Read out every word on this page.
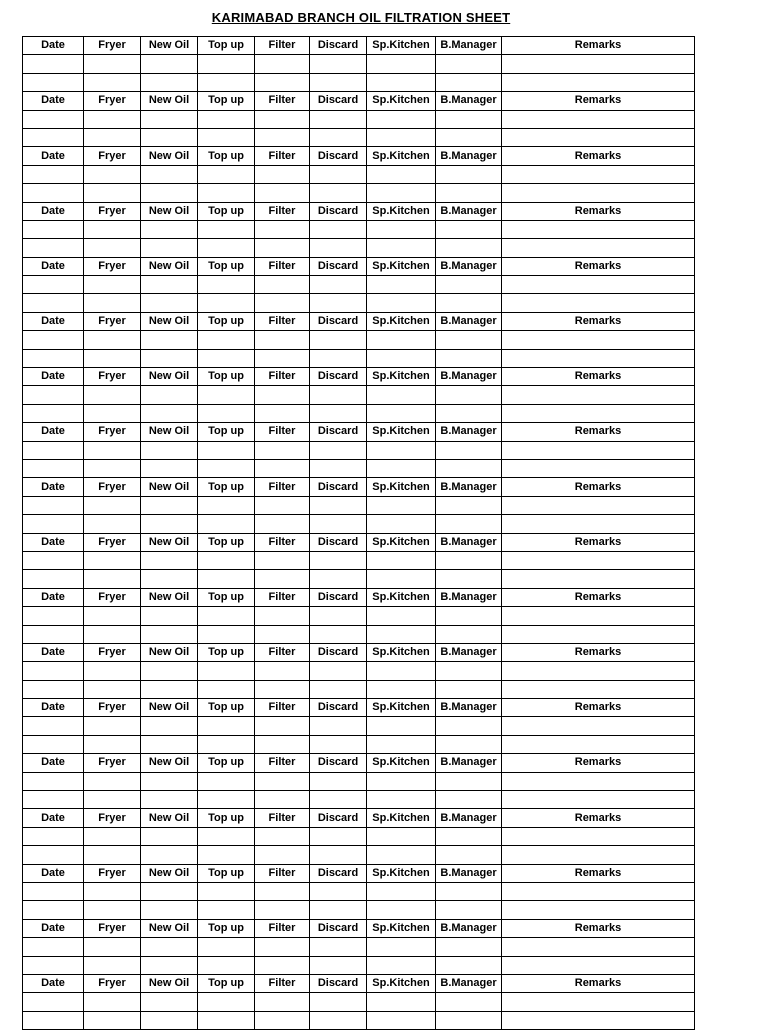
KARIMABAD BRANCH OIL FILTRATION SHEET
Date	Fryer	New Oil	Top up	Filter	Discard	Sp.Kitchen	B.Manager	Remarks

Date	Fryer	New Oil	Top up	Filter	Discard	Sp.Kitchen	B.Manager	Remarks

Date	Fryer	New Oil	Top up	Filter	Discard	Sp.Kitchen	B.Manager	Remarks

Date	Fryer	New Oil	Top up	Filter	Discard	Sp.Kitchen	B.Manager	Remarks

Date	Fryer	New Oil	Top up	Filter	Discard	Sp.Kitchen	B.Manager	Remarks

Date	Fryer	New Oil	Top up	Filter	Discard	Sp.Kitchen	B.Manager	Remarks

Date	Fryer	New Oil	Top up	Filter	Discard	Sp.Kitchen	B.Manager	Remarks

Date	Fryer	New Oil	Top up	Filter	Discard	Sp.Kitchen	B.Manager	Remarks

Date	Fryer	New Oil	Top up	Filter	Discard	Sp.Kitchen	B.Manager	Remarks

Date	Fryer	New Oil	Top up	Filter	Discard	Sp.Kitchen	B.Manager	Remarks

Date	Fryer	New Oil	Top up	Filter	Discard	Sp.Kitchen	B.Manager	Remarks

Date	Fryer	New Oil	Top up	Filter	Discard	Sp.Kitchen	B.Manager	Remarks

Date	Fryer	New Oil	Top up	Filter	Discard	Sp.Kitchen	B.Manager	Remarks

Date	Fryer	New Oil	Top up	Filter	Discard	Sp.Kitchen	B.Manager	Remarks

Date	Fryer	New Oil	Top up	Filter	Discard	Sp.Kitchen	B.Manager	Remarks

Date	Fryer	New Oil	Top up	Filter	Discard	Sp.Kitchen	B.Manager	Remarks

Date	Fryer	New Oil	Top up	Filter	Discard	Sp.Kitchen	B.Manager	Remarks

Date	Fryer	New Oil	Top up	Filter	Discard	Sp.Kitchen	B.Manager	Remarks
